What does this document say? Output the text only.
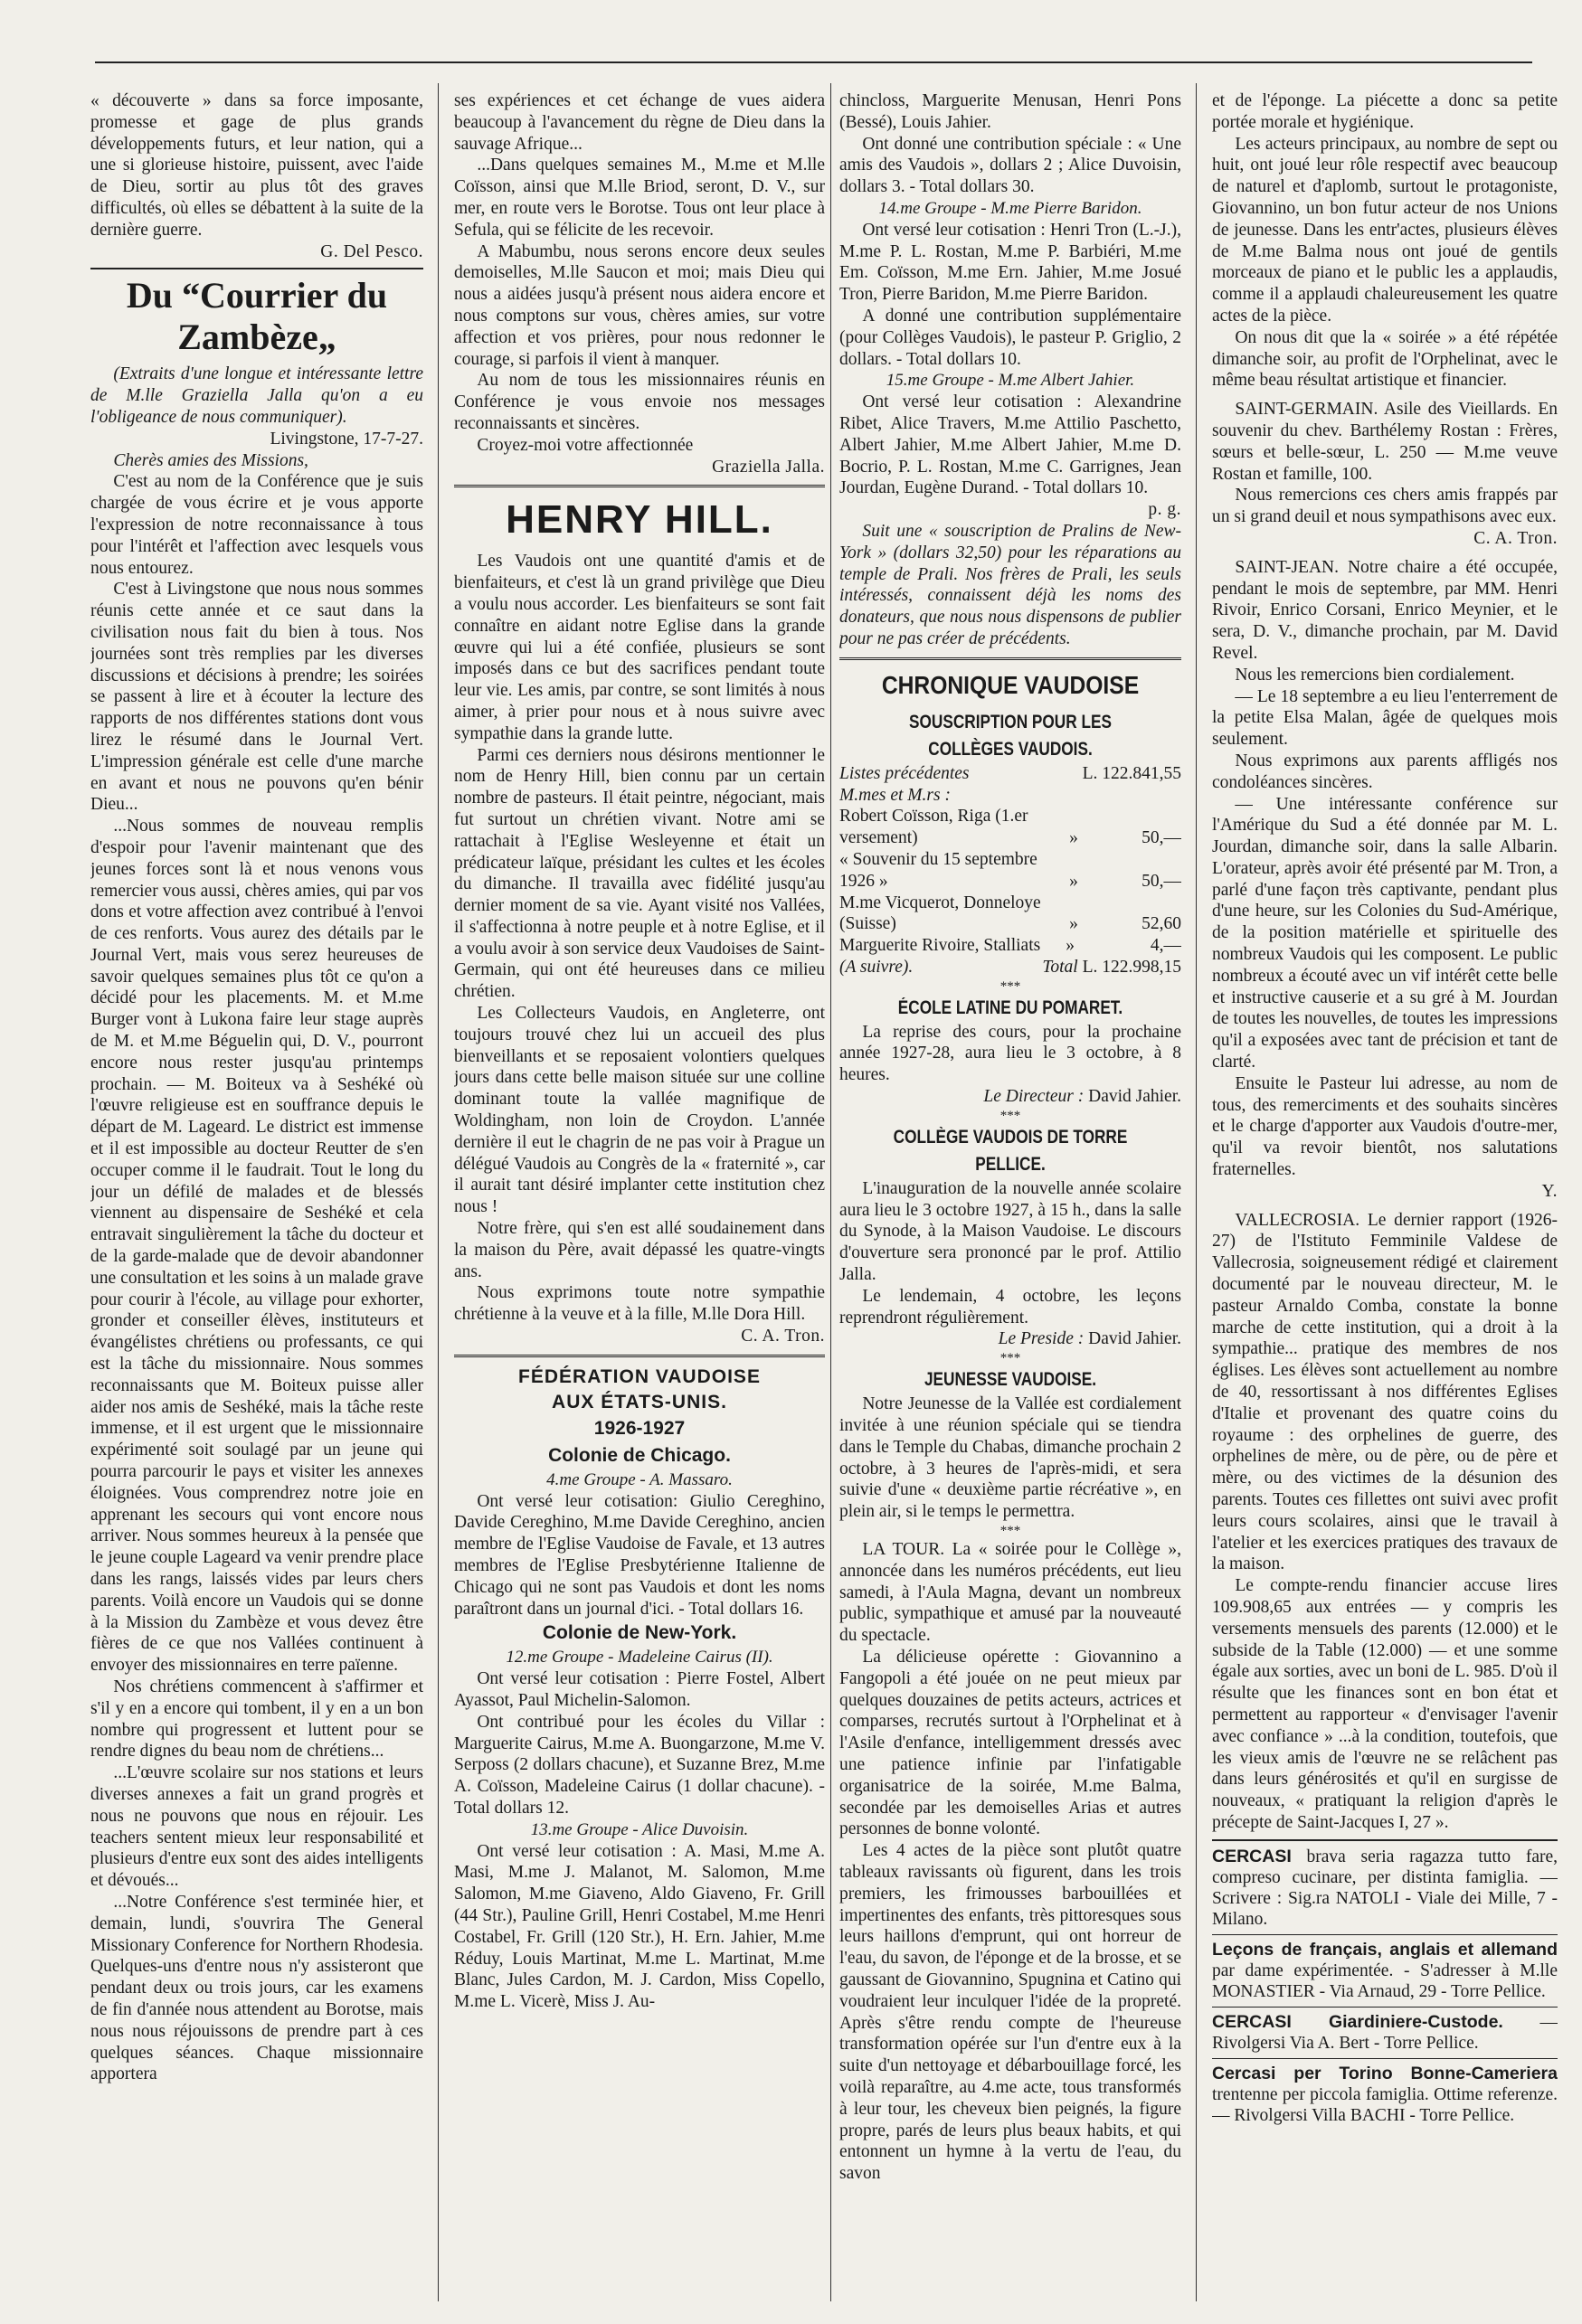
« découverte » dans sa force imposante, promesse et gage de plus grands développements futurs, et leur nation, qui a une si glorieuse histoire, puissent, avec l'aide de Dieu, sortir au plus tôt des graves difficultés, où elles se débattent à la suite de la dernière guerre.

G. Del Pesco.
Du “Courrier du Zambèze„

(Extraits d'une longue et intéressante lettre de M.lle Graziella Jalla qu'on a eu l'obligeance de nous communiquer).

Livingstone, 17-7-27.

Cherès amies des Missions,

C'est au nom de la Conférence que je suis chargée de vous écrire et je vous apporte l'expression de notre reconnaissance à tous pour l'intérêt et l'affection avec lesquels vous nous entourez.

C'est à Livingstone que nous nous sommes réunis cette année et ce saut dans la civilisation nous fait du bien à tous. Nos journées sont très remplies par les diverses discussions et décisions à prendre; les soirées se passent à lire et à écouter la lecture des rapports de nos différentes stations dont vous lirez le résumé dans le Journal Vert. L'impression générale est celle d'une marche en avant et nous ne pouvons qu'en bénir Dieu...

...Nous sommes de nouveau remplis d'espoir pour l'avenir maintenant que des jeunes forces sont là et nous venons vous remercier vous aussi, chères amies, qui par vos dons et votre affection avez contribué à l'envoi de ces renforts. Vous aurez des détails par le Journal Vert, mais vous serez heureuses de savoir quelques semaines plus tôt ce qu'on a décidé pour les placements. M. et M.me Burger vont à Lukona faire leur stage auprès de M. et M.me Béguelin qui, D. V., pourront encore nous rester jusqu'au printemps prochain. — M. Boiteux va à Seshéké où l'œuvre religieuse est en souffrance depuis le départ de M. Lageard. Le district est immense et il est impossible au docteur Reutter de s'en occuper comme il le faudrait. Tout le long du jour un défilé de malades et de blessés viennent au dispensaire de Seshéké et cela entravait singulièrement la tâche du docteur et de la garde-malade que de devoir abandonner une consultation et les soins à un malade grave pour courir à l'école, au village pour exhorter, gronder et conseiller élèves, instituteurs et évangélistes chrétiens ou professants, ce qui est la tâche du missionnaire. Nous sommes reconnaissants que M. Boiteux puisse aller aider nos amis de Seshéké, mais la tâche reste immense, et il est urgent que le missionnaire expérimenté soit soulagé par un jeune qui pourra parcourir le pays et visiter les annexes éloignées. Vous comprendrez notre joie en apprenant les secours qui vont encore nous arriver. Nous sommes heureux à la pensée que le jeune couple Lageard va venir prendre place dans les rangs, laissés vides par leurs chers parents. Voilà encore un Vaudois qui se donne à la Mission du Zambèze et vous devez être fières de ce que nos Vallées continuent à envoyer des missionnaires en terre païenne.

Nos chrétiens commencent à s'affirmer et s'il y en a encore qui tombent, il y en a un bon nombre qui progressent et luttent pour se rendre dignes du beau nom de chrétiens...

...L'œuvre scolaire sur nos stations et leurs diverses annexes a fait un grand progrès et nous ne pouvons que nous en réjouir. Les teachers sentent mieux leur responsabilité et plusieurs d'entre eux sont des aides intelligents et dévoués...

...Notre Conférence s'est terminée hier, et demain, lundi, s'ouvrira The General Missionary Conference for Northern Rhodesia. Quelques-uns d'entre nous n'y assisteront que pendant deux ou trois jours, car les examens de fin d'année nous attendent au Borotse, mais nous nous réjouissons de prendre part à ces quelques séances. Chaque missionnaire apportera

ses expériences et cet échange de vues aidera beaucoup à l'avancement du règne de Dieu dans la sauvage Afrique...

...Dans quelques semaines M., M.me et M.lle Coïsson, ainsi que M.lle Briod, seront, D. V., sur mer, en route vers le Borotse. Tous ont leur place à Sefula, qui se félicite de les recevoir.

A Mabumbu, nous serons encore deux seules demoiselles, M.lle Saucon et moi; mais Dieu qui nous a aidées jusqu'à présent nous aidera encore et nous comptons sur vous, chères amies, sur votre affection et vos prières, pour nous redonner le courage, si parfois il vient à manquer.

Au nom de tous les missionnaires réunis en Conférence je vous envoie nos messages reconnaissants et sincères.

Croyez-moi votre affectionnée

Graziella Jalla.
HENRY HILL.

Les Vaudois ont une quantité d'amis et de bienfaiteurs, et c'est là un grand privilège que Dieu a voulu nous accorder. Les bienfaiteurs se sont fait connaître en aidant notre Eglise dans la grande œuvre qui lui a été confiée, plusieurs se sont imposés dans ce but des sacrifices pendant toute leur vie. Les amis, par contre, se sont limités à nous aimer, à prier pour nous et à nous suivre avec sympathie dans la grande lutte.

Parmi ces derniers nous désirons mentionner le nom de Henry Hill, bien connu par un certain nombre de pasteurs. Il était peintre, négociant, mais fut surtout un chrétien vivant. Notre ami se rattachait à l'Eglise Wesleyenne et était un prédicateur laïque, présidant les cultes et les écoles du dimanche. Il travailla avec fidélité jusqu'au dernier moment de sa vie. Ayant visité nos Vallées, il s'affectionna à notre peuple et à notre Eglise, et il a voulu avoir à son service deux Vaudoises de Saint-Germain, qui ont été heureuses dans ce milieu chrétien.

Les Collecteurs Vaudois, en Angleterre, ont toujours trouvé chez lui un accueil des plus bienveillants et se reposaient volontiers quelques jours dans cette belle maison située sur une colline dominant toute la vallée magnifique de Woldingham, non loin de Croydon. L'année dernière il eut le chagrin de ne pas voir à Prague un délégué Vaudois au Congrès de la « fraternité », car il aurait tant désiré implanter cette institution chez nous !

Notre frère, qui s'en est allé soudainement dans la maison du Père, avait dépassé les quatre-vingts ans.

Nous exprimons toute notre sympathie chrétienne à la veuve et à la fille, M.lle Dora Hill.

C. A. Tron.
FÉDÉRATION VAUDOISE
AUX ÉTATS-UNIS.
1926-1927
Colonie de Chicago.
4.me Groupe - A. Massaro.

Ont versé leur cotisation: Giulio Cereghino, Davide Cereghino, M.me Davide Cereghino, ancien membre de l'Eglise Vaudoise de Favale, et 13 autres membres de l'Eglise Presbytérienne Italienne de Chicago qui ne sont pas Vaudois et dont les noms paraîtront dans un journal d'ici. - Total dollars 16.

Colonie de New-York.
12.me Groupe - Madeleine Cairus (II).

Ont versé leur cotisation : Pierre Fostel, Albert Ayassot, Paul Michelin-Salomon.

Ont contribué pour les écoles du Villar : Marguerite Cairus, M.me A. Buongarzone, M.me V. Serposs (2 dollars chacune), et Suzanne Brez, M.me A. Coïsson, Madeleine Cairus (1 dollar chacune). - Total dollars 12.

13.me Groupe - Alice Duvoisin.

Ont versé leur cotisation : A. Masi, M.me A. Masi, M.me J. Malanot, M. Salomon, M.me Salomon, M.me Giaveno, Aldo Giaveno, Fr. Grill (44 Str.), Pauline Grill, Henri Costabel, M.me Henri Costabel, Fr. Grill (120 Str.), H. Ern. Jahier, M.me Réduy, Louis Martinat, M.me L. Martinat, M.me Blanc, Jules Cardon, M. J. Cardon, Miss Copello, M.me L. Vicerè, Miss J. Au-

chincloss, Marguerite Menusan, Henri Pons (Bessé), Louis Jahier.

Ont donné une contribution spéciale : « Une amis des Vaudois », dollars 2 ; Alice Duvoisin, dollars 3. - Total dollars 30.

14.me Groupe - M.me Pierre Baridon.

Ont versé leur cotisation : Henri Tron (L.-J.), M.me P. L. Rostan, M.me P. Barbiéri, M.me Em. Coïsson, M.me Ern. Jahier, M.me Josué Tron, Pierre Baridon, M.me Pierre Baridon.

A donné une contribution supplémentaire (pour Collèges Vaudois), le pasteur P. Griglio, 2 dollars. - Total dollars 10.

15.me Groupe - M.me Albert Jahier.

Ont versé leur cotisation : Alexandrine Ribet, Alice Travers, M.me Attilio Paschetto, Albert Jahier, M.me Albert Jahier, M.me D. Bocrio, P. L. Rostan, M.me C. Garrignes, Jean Jourdan, Eugène Durand. - Total dollars 10.

p. g.

Suit une « souscription de Pralins de New-York » (dollars 32,50) pour les réparations au temple de Prali. Nos frères de Prali, les seuls intéressés, connaissent déjà les noms des donateurs, que nous nous dispensons de publier pour ne pas créer de précédents.

CHRONIQUE VAUDOISE
SOUSCRIPTION POUR LES COLLÈGES VAUDOIS.
Listes précédentes	L. 122.841,55
M.mes et M.rs :
Robert Coïsson, Riga (1.er versement)	»	50,—
« Souvenir du 15 septembre 1926 »	»	50,—
M.me Vicquerot, Donneloye (Suisse)	»	52,60
Marguerite Rivoire, Stalliats »	4,—
(A suivre).	Total L. 122.998,15
***
ÉCOLE LATINE DU POMARET.

La reprise des cours, pour la prochaine année 1927-28, aura lieu le 3 octobre, à 8 heures.

Le Directeur : David Jahier.

***
COLLÈGE VAUDOIS DE TORRE PELLICE.

L'inauguration de la nouvelle année scolaire aura lieu le 3 octobre 1927, à 15 h., dans la salle du Synode, à la Maison Vaudoise. Le discours d'ouverture sera prononcé par le prof. Attilio Jalla.

Le lendemain, 4 octobre, les leçons reprendront régulièrement.

Le Preside : David Jahier.

***
JEUNESSE VAUDOISE.

Notre Jeunesse de la Vallée est cordialement invitée à une réunion spéciale qui se tiendra dans le Temple du Chabas, dimanche prochain 2 octobre, à 3 heures de l'après-midi, et sera suivie d'une « deuxième partie récréative », en plein air, si le temps le permettra.

***

LA TOUR. La « soirée pour le Collège », annoncée dans les numéros précédents, eut lieu samedi, à l'Aula Magna, devant un nombreux public, sympathique et amusé par la nouveauté du spectacle.

La délicieuse opérette : Giovannino a Fangopoli a été jouée on ne peut mieux par quelques douzaines de petits acteurs, actrices et comparses, recrutés surtout à l'Orphelinat et à l'Asile d'enfance, intelligemment dressés avec une patience infinie par l'infatigable organisatrice de la soirée, M.me Balma, secondée par les demoiselles Arias et autres personnes de bonne volonté.

Les 4 actes de la pièce sont plutôt quatre tableaux ravissants où figurent, dans les trois premiers, les frimousses barbouillées et impertinentes des enfants, très pittoresques sous leurs haillons d'emprunt, qui ont horreur de l'eau, du savon, de l'éponge et de la brosse, et se gaussant de Giovannino, Spugnina et Catino qui voudraient leur inculquer l'idée de la propreté. Après s'être rendu compte de l'heureuse transformation opérée sur l'un d'entre eux à la suite d'un nettoyage et débarbouillage forcé, les voilà reparaître, au 4.me acte, tous transformés à leur tour, les cheveux bien peignés, la figure propre, parés de leurs plus beaux habits, et qui entonnent un hymne à la vertu de l'eau, du savon

et de l'éponge. La piécette a donc sa petite portée morale et hygiénique.

Les acteurs principaux, au nombre de sept ou huit, ont joué leur rôle respectif avec beaucoup de naturel et d'aplomb, surtout le protagoniste, Giovannino, un bon futur acteur de nos Unions de jeunesse. Dans les entr'actes, plusieurs élèves de M.me Balma nous ont joué de gentils morceaux de piano et le public les a applaudis, comme il a applaudi chaleureusement les quatre actes de la pièce.

On nous dit que la « soirée » a été répétée dimanche soir, au profit de l'Orphelinat, avec le même beau résultat artistique et financier.

SAINT-GERMAIN. Asile des Vieillards. En souvenir du chev. Barthélemy Rostan : Frères, sœurs et belle-sœur, L. 250 — M.me veuve Rostan et famille, 100.

Nous remercions ces chers amis frappés par un si grand deuil et nous sympathisons avec eux.

C. A. Tron.

SAINT-JEAN. Notre chaire a été occupée, pendant le mois de septembre, par MM. Henri Rivoir, Enrico Corsani, Enrico Meynier, et le sera, D. V., dimanche prochain, par M. David Revel.

Nous les remercions bien cordialement.

— Le 18 septembre a eu lieu l'enterrement de la petite Elsa Malan, âgée de quelques mois seulement.

Nous exprimons aux parents affligés nos condoléances sincères.

— Une intéressante conférence sur l'Amérique du Sud a été donnée par M. L. Jourdan, dimanche soir, dans la salle Albarin. L'orateur, après avoir été présenté par M. Tron, a parlé d'une façon très captivante, pendant plus d'une heure, sur les Colonies du Sud-Amérique, de la position matérielle et spirituelle des nombreux Vaudois qui les composent. Le public nombreux a écouté avec un vif intérêt cette belle et instructive causerie et a su gré à M. Jourdan de toutes les nouvelles, de toutes les impressions qu'il a exposées avec tant de précision et tant de clarté.

Ensuite le Pasteur lui adresse, au nom de tous, des remerciments et des souhaits sincères et le charge d'apporter aux Vaudois d'outre-mer, qu'il va revoir bientôt, nos salutations fraternelles.

Y.

VALLECROSIA. Le dernier rapport (1926-27) de l'Istituto Femminile Valdese de Vallecrosia, soigneusement rédigé et clairement documenté par le nouveau directeur, M. le pasteur Arnaldo Comba, constate la bonne marche de cette institution, qui a droit à la sympathie... pratique des membres de nos églises. Les élèves sont actuellement au nombre de 40, ressortissant à nos différentes Eglises d'Italie et provenant des quatre coins du royaume : des orphelines de guerre, des orphelines de mère, ou de père, ou de père et mère, ou des victimes de la désunion des parents. Toutes ces fillettes ont suivi avec profit leurs cours scolaires, ainsi que le travail à l'atelier et les exercices pratiques des travaux de la maison.

Le compte-rendu financier accuse lires 109.908,65 aux entrées — y compris les versements mensuels des parents (12.000) et le subside de la Table (12.000) — et une somme égale aux sorties, avec un boni de L. 985. D'où il résulte que les finances sont en bon état et permettent au rapporteur « d'envisager l'avenir avec confiance » ...à la condition, toutefois, que les vieux amis de l'œuvre ne se relâchent pas dans leurs générosités et qu'il en surgisse de nouveaux, « pratiquant la religion d'après le précepte de Saint-Jacques I, 27 ».

CERCASI brava seria ragazza tutto fare, compreso cucinare, per distinta famiglia. — Scrivere : Sig.ra NATOLI - Viale dei Mille, 7 - Milano.
Leçons de français, anglais et allemand par dame expérimentée. - S'adresser à M.lle MONASTIER - Via Arnaud, 29 - Torre Pellice.
CERCASI Giardiniere-Custode. — Rivolgersi Via A. Bert - Torre Pellice.
Cercasi per Torino Bonne-Cameriera trentenne per piccola famiglia. Ottime referenze. — Rivolgersi Villa BACHI - Torre Pellice.
